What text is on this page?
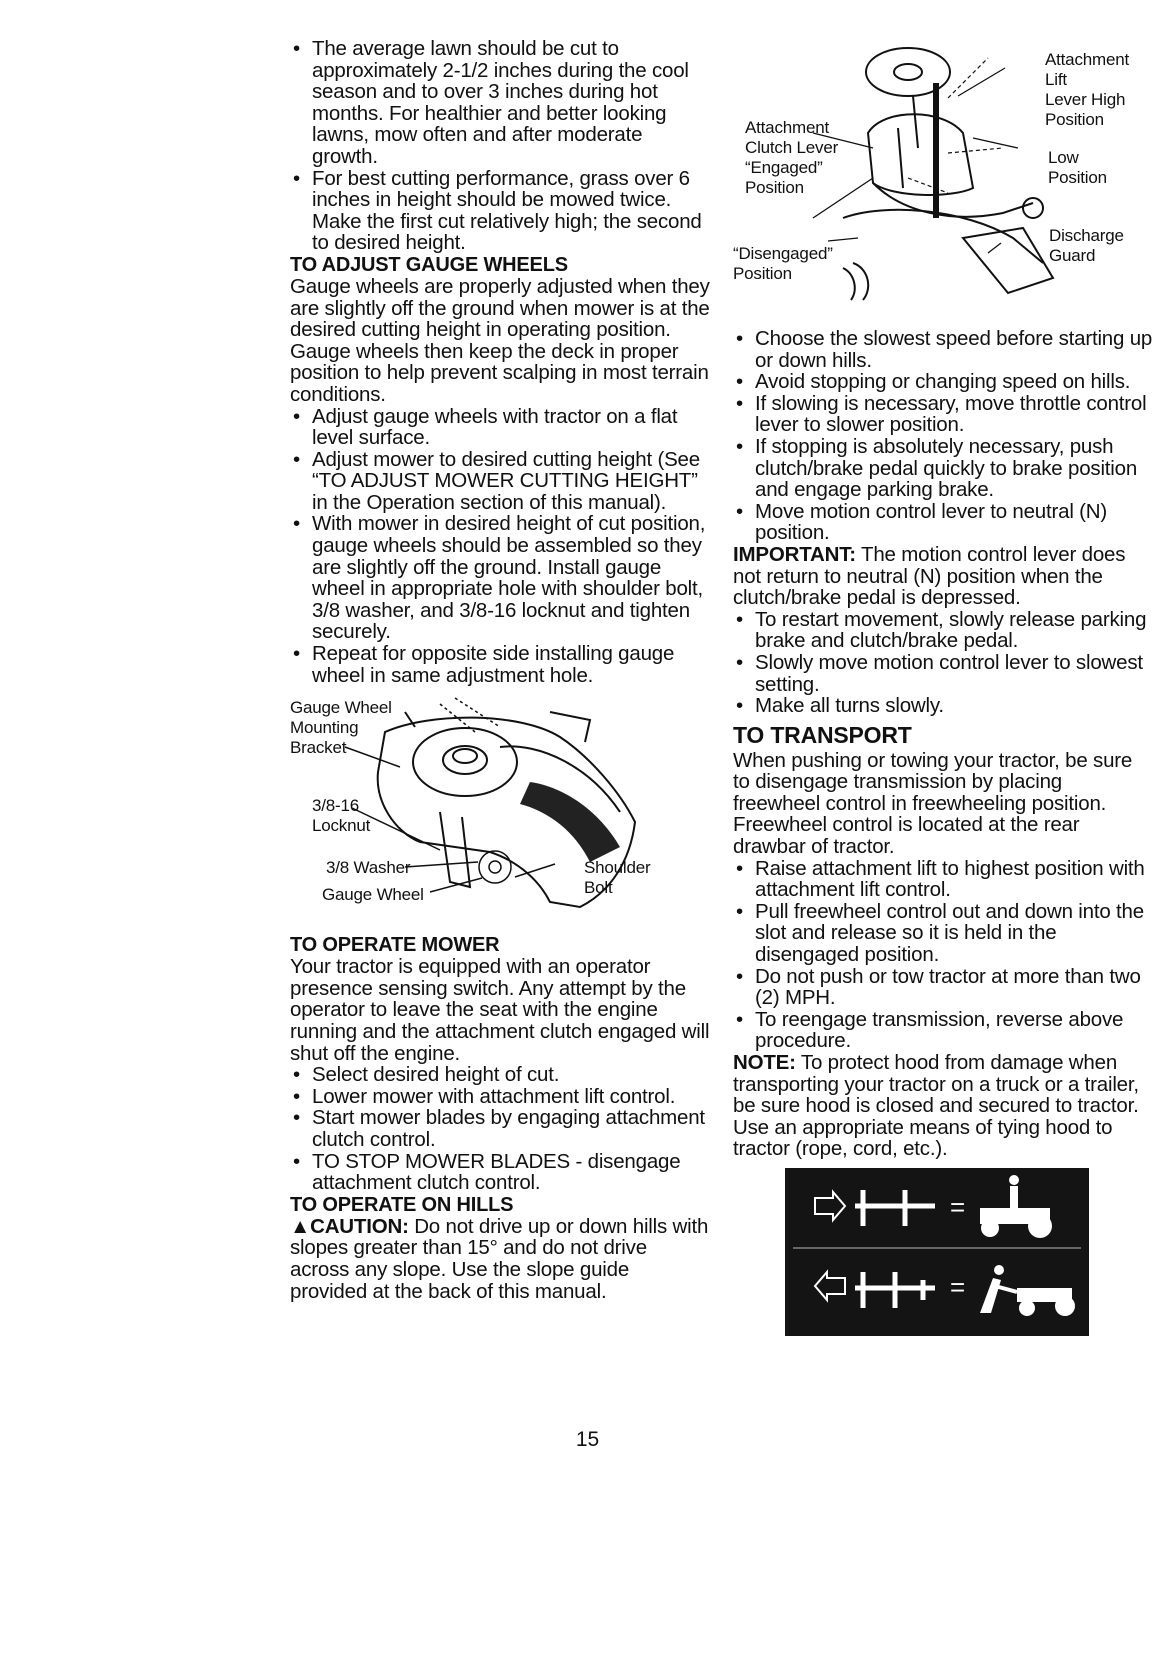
• The average lawn should be cut to approximately 2-1/2 inches during the cool season and to over 3 inches during hot months. For healthier and better looking lawns, mow often and after moderate growth.
• For best cutting performance, grass over 6 inches in height should be mowed twice. Make the first cut relatively high; the second to desired height.
TO ADJUST GAUGE WHEELS

Gauge wheels are properly adjusted when they are slightly off the ground when mower is at the desired cutting height in operating position. Gauge wheels then keep the deck in proper position to help prevent scalping in most terrain conditions.

• Adjust gauge wheels with tractor on a flat level surface.
• Adjust mower to desired cutting height (See “TO ADJUST MOWER CUTTING HEIGHT” in the Operation section of this manual).
• With mower in desired height of cut position, gauge wheels should be assembled so they are slightly off the ground. Install gauge wheel in appropriate hole with shoulder bolt, 3/8 washer, and 3/8-16 locknut and tighten securely.
• Repeat for opposite side installing gauge wheel in same adjustment hole.
Gauge Wheel
Mounting
Bracket
3/8-16
Locknut
3/8 Washer
Gauge Wheel
Shoulder
Bolt
TO OPERATE MOWER

Your tractor is equipped with an operator presence sensing switch. Any attempt by the operator to leave the seat with the engine running and the attachment clutch engaged will shut off the engine.

• Select desired height of cut.
• Lower mower with attachment lift control.
• Start mower blades by engaging attachment clutch control.
• TO STOP MOWER BLADES - disengage attachment clutch control.
TO OPERATE ON HILLS

▲CAUTION: Do not drive up or down hills with slopes greater than 15° and do not drive across any slope. Use the slope guide provided at the back of this manual.

Attachment
Lift
Lever High
Position
Low
Position
Attachment
Clutch Lever
“Engaged”
Position
Discharge
Guard
“Disengaged”
Position
• Choose the slowest speed before starting up or down hills.
• Avoid stopping or changing speed on hills.
• If slowing is necessary, move throttle control lever to slower position.
• If stopping is absolutely necessary, push clutch/brake pedal quickly to brake position and engage parking brake.
• Move motion control lever to neutral (N) position.

IMPORTANT: The motion control lever does not return to neutral (N) position when the clutch/brake pedal is depressed.

• To restart movement, slowly release parking brake and clutch/brake pedal.
• Slowly move motion control lever to slowest setting.
• Make all turns slowly.
TO TRANSPORT

When pushing or towing your tractor, be sure to disengage transmission by placing freewheel control in freewheeling position. Freewheel control is located at the rear drawbar of tractor.

• Raise attachment lift to highest position with attachment lift control.
• Pull freewheel control out and down into the slot and release so it is held in the disengaged position.
• Do not push or tow tractor at more than two (2) MPH.
• To reengage transmission, reverse above procedure.

NOTE: To protect hood from damage when transporting your tractor on a truck or a trailer, be sure hood is closed and secured to tractor. Use an appropriate means of tying hood to tractor (rope, cord, etc.).

=
=
15
